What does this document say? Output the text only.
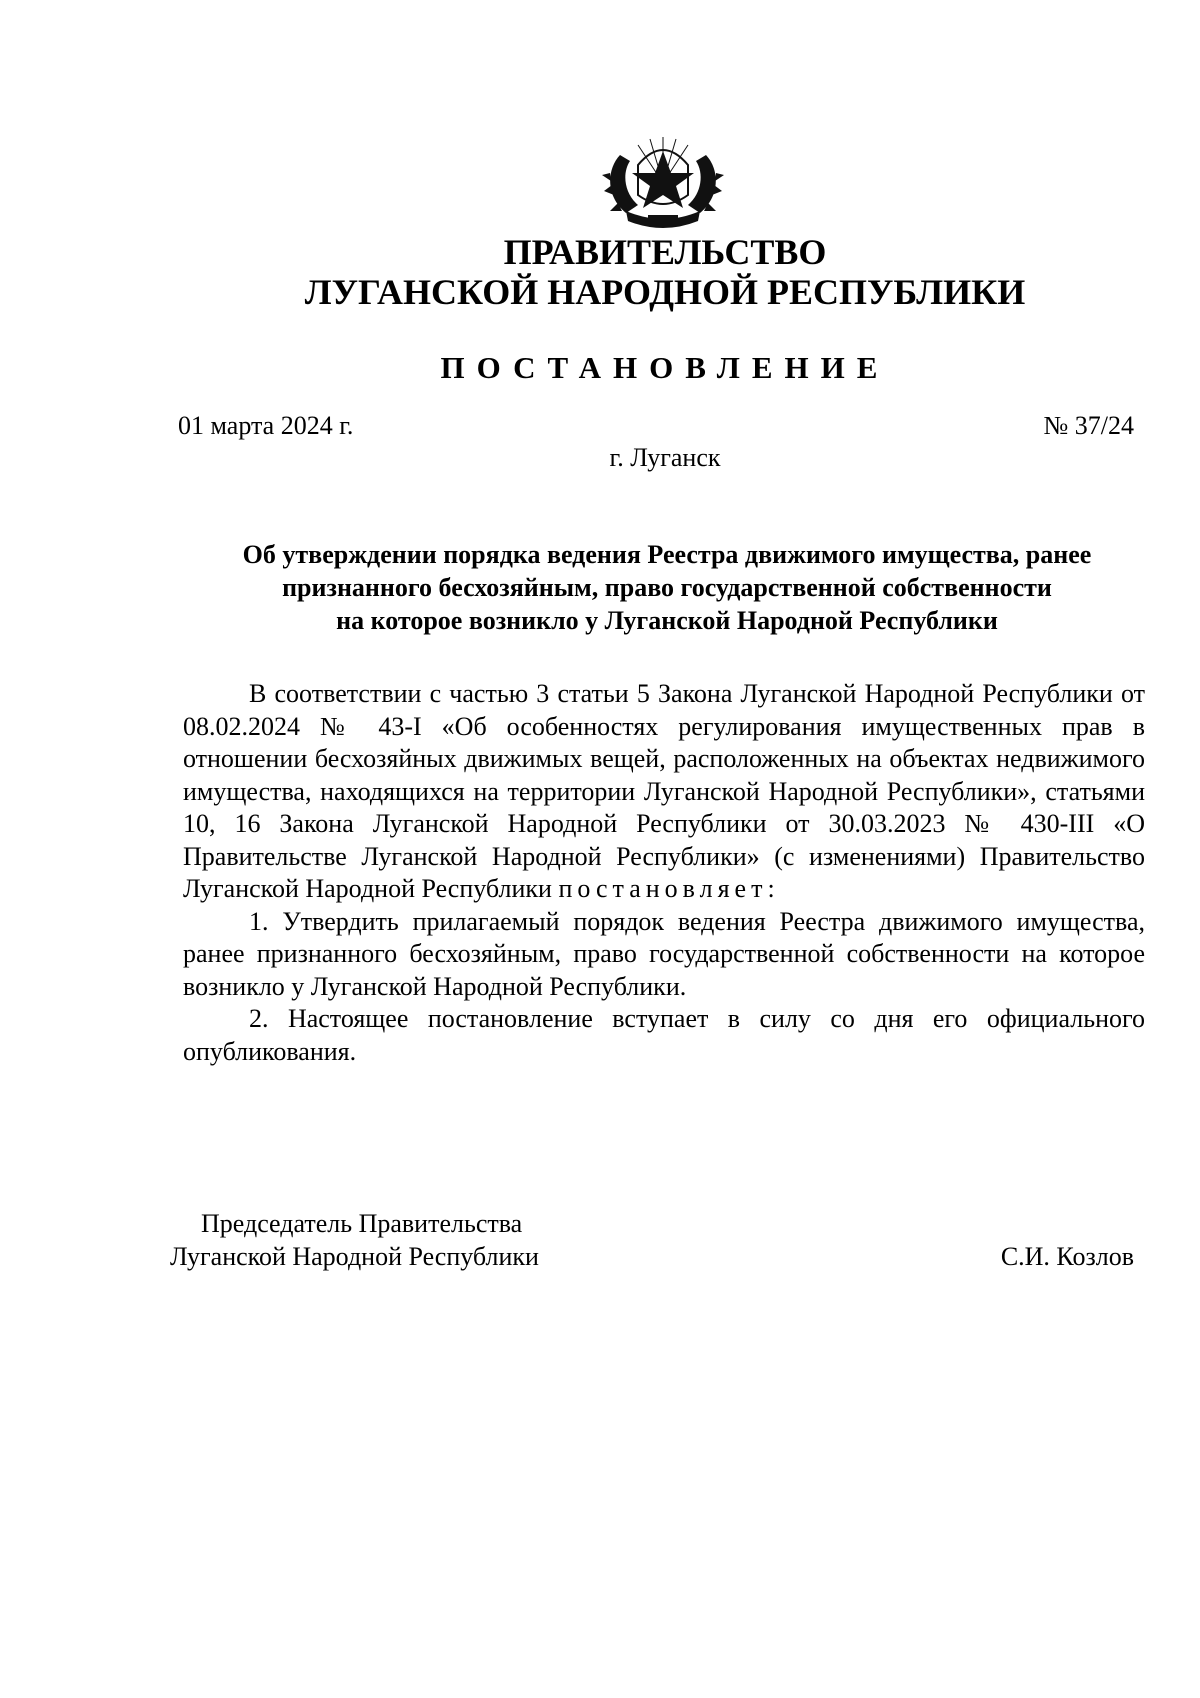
ПРАВИТЕЛЬСТВО
ЛУГАНСКОЙ НАРОДНОЙ РЕСПУБЛИКИ
ПОСТАНОВЛЕНИЕ
01 марта 2024 г.	№ 37/24
г. Луганск
Об утверждении порядка ведения Реестра движимого имущества, ранее
признанного бесхозяйным, право государственной собственности
на которое возникло у Луганской Народной Республики

В соответствии с частью 3 статьи 5 Закона Луганской Народной Республики от 08.02.2024 № 43-I «Об особенностях регулирования имущественных прав в отношении бесхозяйных движимых вещей, расположенных на объектах недвижимого имущества, находящихся на территории Луганской Народной Республики», статьями 10, 16 Закона Луганской Народной Республики от 30.03.2023 № 430-III «О Правительстве Луганской Народной Республики» (с изменениями) Правительство Луганской Народной Республики постановляет:

1. Утвердить прилагаемый порядок ведения Реестра движимого имущества, ранее признанного бесхозяйным, право государственной собственности на которое возникло у Луганской Народной Республики.

2. Настоящее постановление вступает в силу со дня его официального опубликования.

Председатель Правительства
Луганской Народной Республики	С.И. Козлов
